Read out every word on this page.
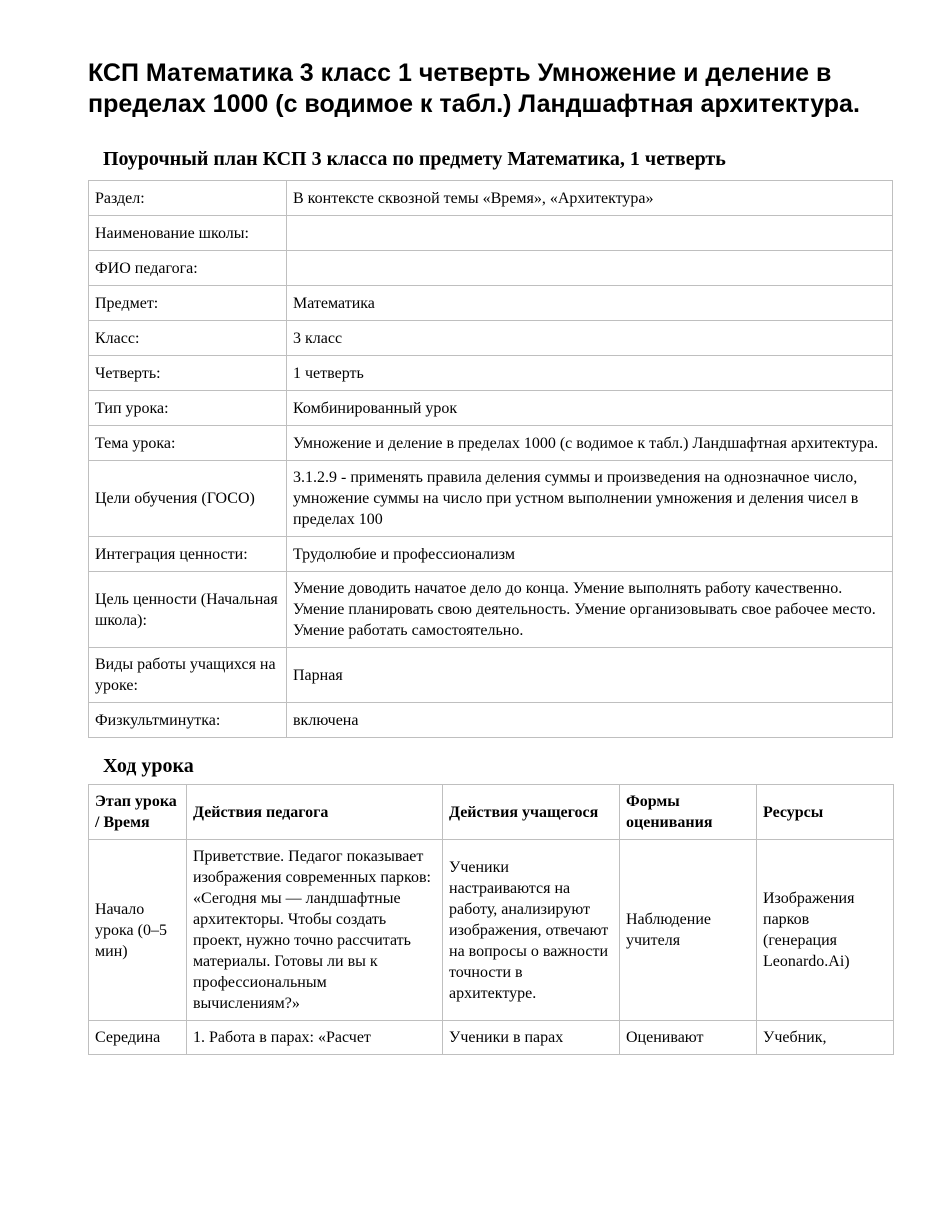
КСП Математика 3 класс 1 четверть Умножение и деление в пределах 1000 (с водимое к табл.) Ландшафтная архитектура.
Поурочный план КСП 3 класса по предмету Математика, 1 четверть
Раздел:	В контексте сквозной темы «Время», «Архитектура»
Наименование школы:	
ФИО педагога:	
Предмет:	Математика
Класс:	3 класс
Четверть:	1 четверть
Тип урока:	Комбинированный урок
Тема урока:	Умножение и деление в пределах 1000 (с водимое к табл.) Ландшафтная архитектура.
Цели обучения (ГОСО)	3.1.2.9 - применять правила деления суммы и произведения на однозначное число, умножение суммы на число при устном выполнении умножения и деления чисел в пределах 100
Интеграция ценности:	Трудолюбие и профессионализм
Цель ценности (Начальная школа):	Умение доводить начатое дело до конца. Умение выполнять работу качественно. Умение планировать свою деятельность. Умение организовывать свое рабочее место. Умение работать самостоятельно.
Виды работы учащихся на уроке:	Парная
Физкультминутка:	включена
Ход урока
Этап урока / Время	Действия педагога	Действия учащегося	Формы оценивания	Ресурсы
Начало урока (0–5 мин)	Приветствие. Педагог показывает изображения современных парков: «Сегодня мы — ландшафтные архитекторы. Чтобы создать проект, нужно точно рассчитать материалы. Готовы ли вы к профессиональным вычислениям?»	Ученики настраиваются на работу, анализируют изображения, отвечают на вопросы о важности точности в архитектуре.	Наблюдение учителя	Изображения парков (генерация Leonardo.Ai)
Середина	1. Работа в парах: «Расчет	Ученики в парах	Оценивают	Учебник,
